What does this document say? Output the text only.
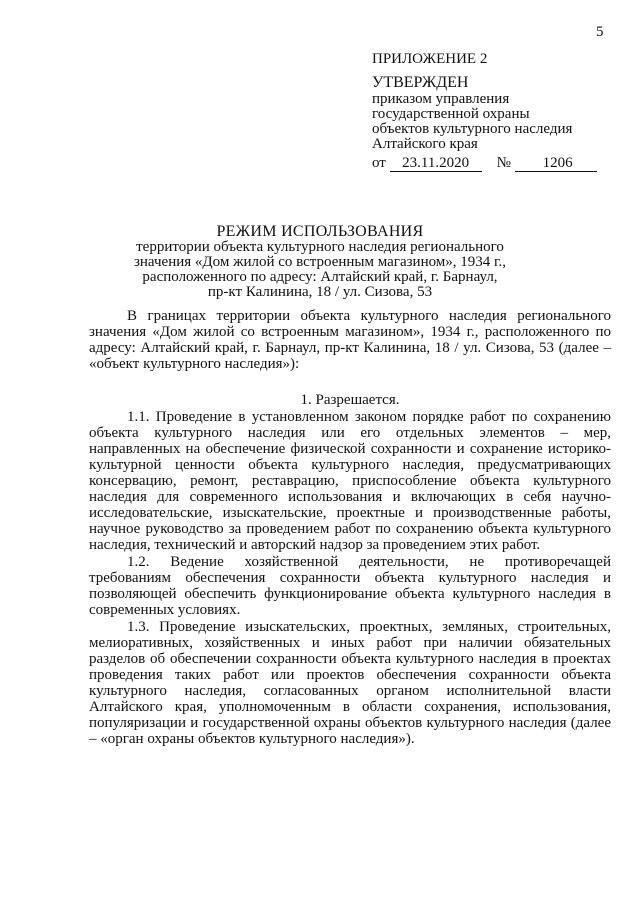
5
ПРИЛОЖЕНИЕ 2
УТВЕРЖДЕН
приказом управления
государственной охраны
объектов культурного наследия
Алтайского края
от 23.11.2020 № 1206
РЕЖИМ ИСПОЛЬЗОВАНИЯ
территории объекта культурного наследия регионального
значения «Дом жилой со встроенным магазином», 1934 г.,
расположенного по адресу: Алтайский край, г. Барнаул,
пр-кт Калинина, 18 / ул. Сизова, 53

В границах территории объекта культурного наследия регионального значения «Дом жилой со встроенным магазином», 1934 г., расположенного по адресу: Алтайский край, г. Барнаул, пр-кт Калинина, 18 / ул. Сизова, 53 (далее – «объект культурного наследия»):

1. Разрешается.

1.1. Проведение в установленном законом порядке работ по сохранению объекта культурного наследия или его отдельных элементов – мер, направленных на обеспечение физической сохранности и сохранение историко-культурной ценности объекта культурного наследия, предусматривающих консервацию, ремонт, реставрацию, приспособление объекта культурного наследия для современного использования и включающих в себя научно-исследовательские, изыскательские, проектные и производственные работы, научное руководство за проведением работ по сохранению объекта культурного наследия, технический и авторский надзор за проведением этих работ.

1.2. Ведение хозяйственной деятельности, не противоречащей требованиям обеспечения сохранности объекта культурного наследия и позволяющей обеспечить функционирование объекта культурного наследия в современных условиях.

1.3. Проведение изыскательских, проектных, земляных, строительных, мелиоративных, хозяйственных и иных работ при наличии обязательных разделов об обеспечении сохранности объекта культурного наследия в проектах проведения таких работ или проектов обеспечения сохранности объекта культурного наследия, согласованных органом исполнительной власти Алтайского края, уполномоченным в области сохранения, использования, популяризации и государственной охраны объектов культурного наследия (далее – «орган охраны объектов культурного наследия»).
